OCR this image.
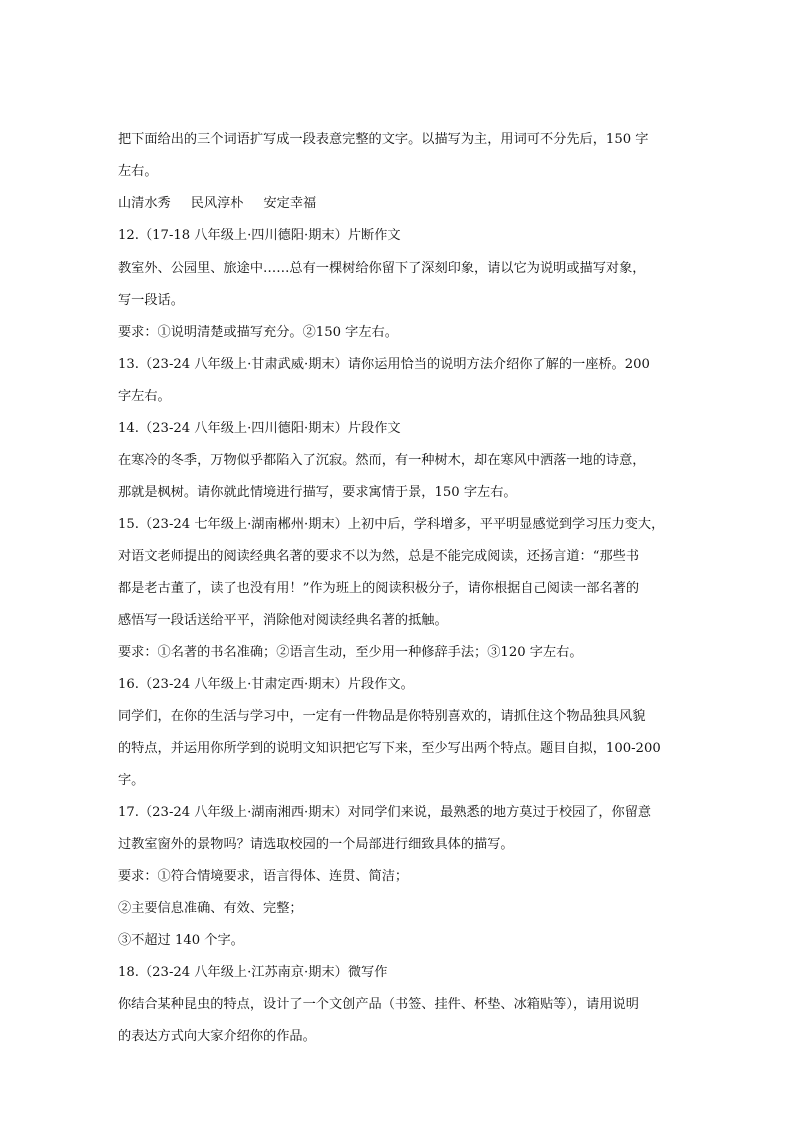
把下面给出的三个词语扩写成一段表意完整的文字。以描写为主，用词可不分先后，150 字
左右。
山清水秀 民风淳朴 安定幸福
12.（17-18 八年级上·四川德阳·期末）片断作文
教室外、公园里、旅途中……总有一棵树给你留下了深刻印象，请以它为说明或描写对象，
写一段话。
要求：①说明清楚或描写充分。②150 字左右。
13.（23-24 八年级上·甘肃武威·期末）请你运用恰当的说明方法介绍你了解的一座桥。200
字左右。
14.（23-24 八年级上·四川德阳·期末）片段作文
在寒冷的冬季，万物似乎都陷入了沉寂。然而，有一种树木，却在寒风中洒落一地的诗意，
那就是枫树。请你就此情境进行描写，要求寓情于景，150 字左右。
15.（23-24 七年级上·湖南郴州·期末）上初中后，学科增多，平平明显感觉到学习压力变大，
对语文老师提出的阅读经典名著的要求不以为然，总是不能完成阅读，还扬言道：“那些书
都是老古董了，读了也没有用！”作为班上的阅读积极分子，请你根据自己阅读一部名著的
感悟写一段话送给平平，消除他对阅读经典名著的抵触。
要求：①名著的书名准确；②语言生动，至少用一种修辞手法；③120 字左右。
16.（23-24 八年级上·甘肃定西·期末）片段作文。
同学们，在你的生活与学习中，一定有一件物品是你特别喜欢的，请抓住这个物品独具风貌
的特点，并运用你所学到的说明文知识把它写下来，至少写出两个特点。题目自拟，100-200
字。
17.（23-24 八年级上·湖南湘西·期末）对同学们来说，最熟悉的地方莫过于校园了，你留意
过教室窗外的景物吗？请选取校园的一个局部进行细致具体的描写。
要求：①符合情境要求，语言得体、连贯、简洁；
②主要信息准确、有效、完整；
③不超过 140 个字。
18.（23-24 八年级上·江苏南京·期末）微写作
你结合某种昆虫的特点，设计了一个文创产品（书签、挂件、杯垫、冰箱贴等），请用说明
的表达方式向大家介绍你的作品。
